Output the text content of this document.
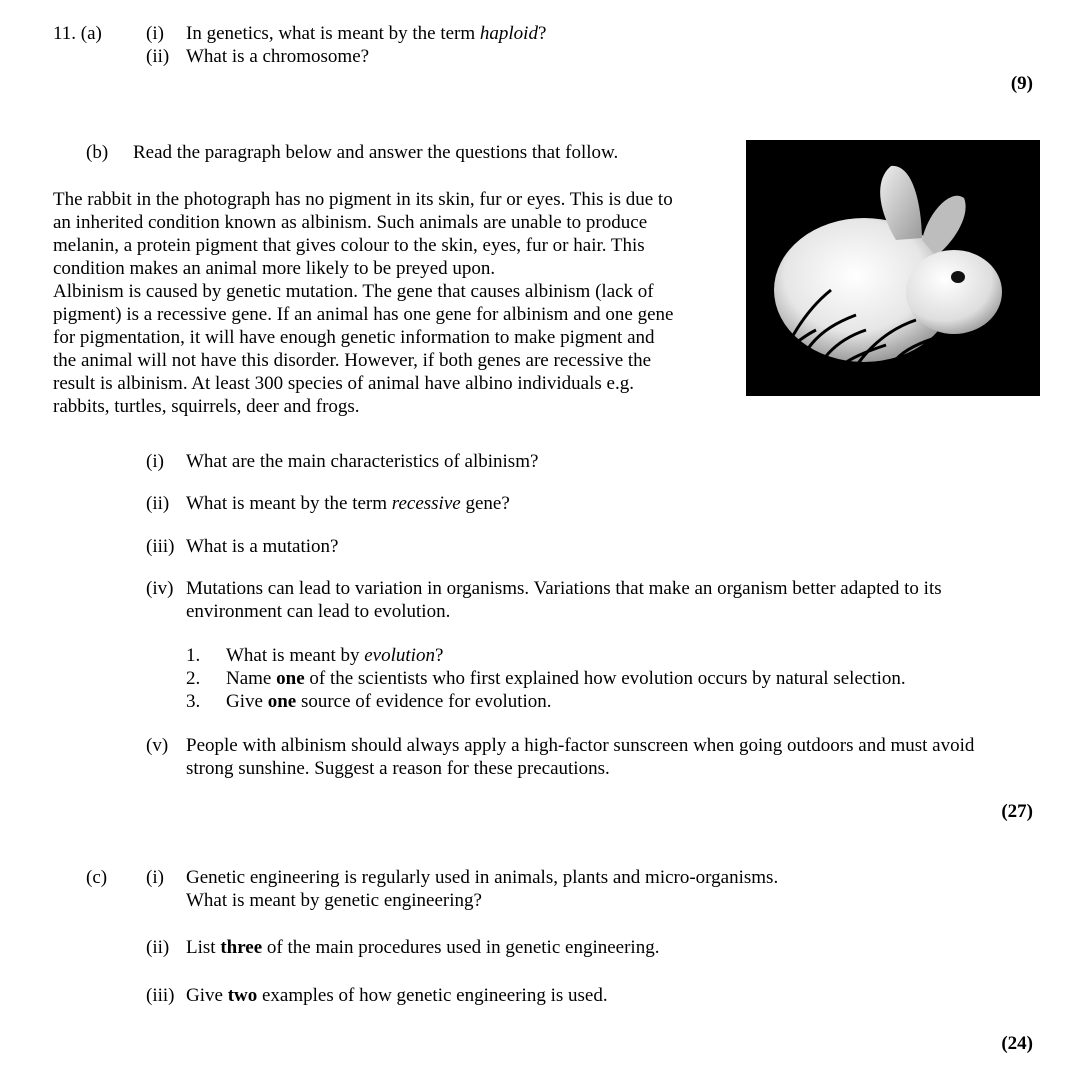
11. (a) (i) In genetics, what is meant by the term haploid?
(ii) What is a chromosome?
(9)
(b) Read the paragraph below and answer the questions that follow.

The rabbit in the photograph has no pigment in its skin, fur or eyes. This is due to

an inherited condition known as albinism. Such animals are unable to produce

melanin, a protein pigment that gives colour to the skin, eyes, fur or hair. This

condition makes an animal more likely to be preyed upon.

Albinism is caused by genetic mutation. The gene that causes albinism (lack of

pigment) is a recessive gene. If an animal has one gene for albinism and one gene

for pigmentation, it will have enough genetic information to make pigment and

the animal will not have this disorder. However, if both genes are recessive the

result is albinism. At least 300 species of animal have albino individuals e.g.

rabbits, turtles, squirrels, deer and frogs.

(i) What are the main characteristics of albinism?
(ii) What is meant by the term recessive gene?
(iii) What is a mutation?
(iv) Mutations can lead to variation in organisms. Variations that make an organism better adapted to its
environment can lead to evolution.
1. What is meant by evolution?
2. Name one of the scientists who first explained how evolution occurs by natural selection.
3. Give one source of evidence for evolution.
(v) People with albinism should always apply a high-factor sunscreen when going outdoors and must avoid
strong sunshine. Suggest a reason for these precautions.
(27)
(c) (i) Genetic engineering is regularly used in animals, plants and micro-organisms.
What is meant by genetic engineering?
(ii) List three of the main procedures used in genetic engineering.
(iii) Give two examples of how genetic engineering is used.
(24)
